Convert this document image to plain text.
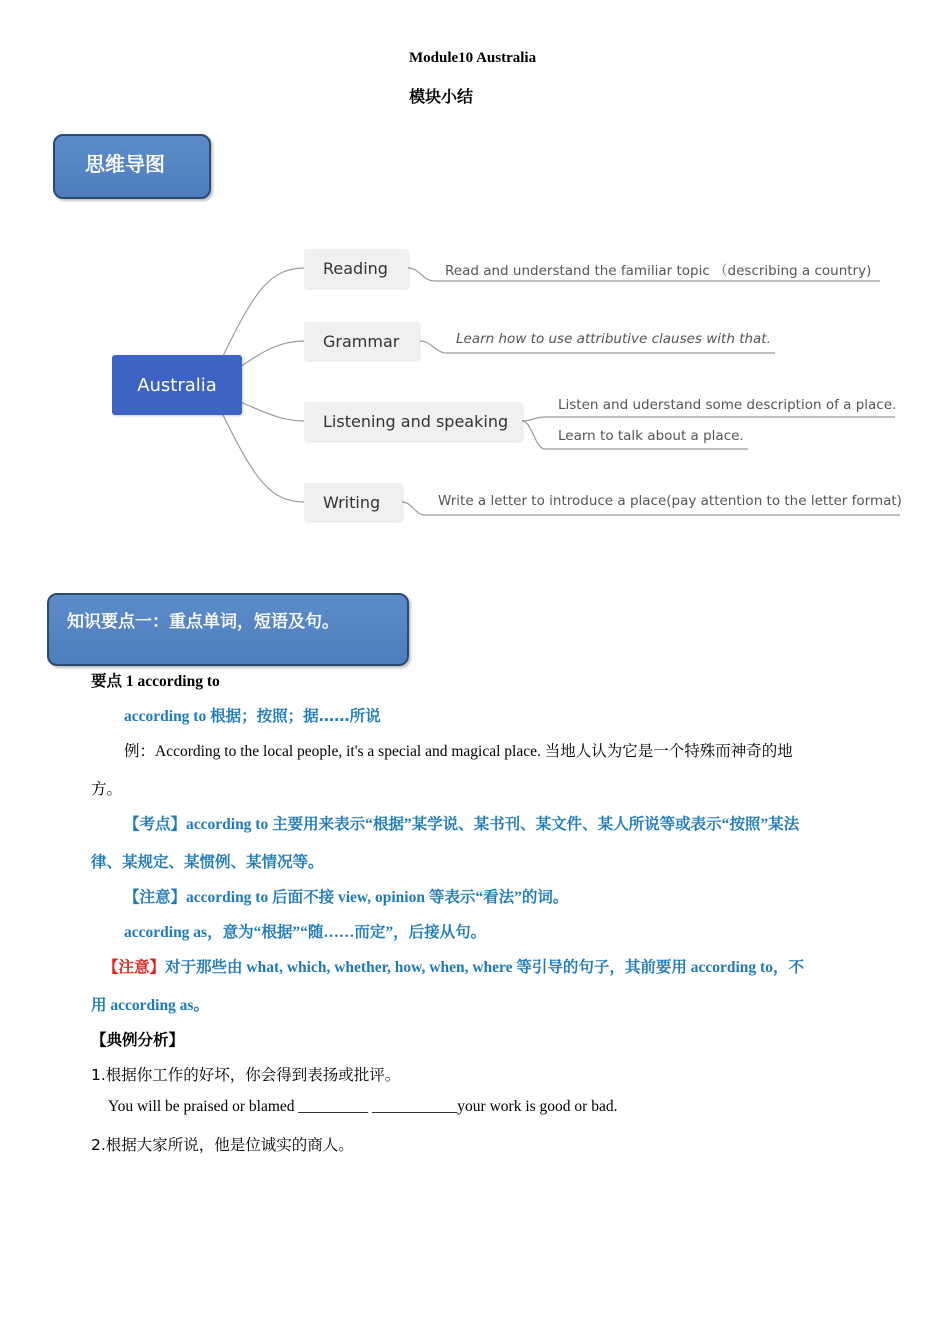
Module10 Australia
模块小结
思维导图
Australia
Reading
Grammar
Listening and speaking
Writing
Read and understand the familiar topic （describing a country)
Learn how to use attributive clauses with that.
Listen and uderstand some description of a place.
Learn to talk about a place.
Write a letter to introduce a place(pay attention to the letter format)
知识要点一：重点单词，短语及句。
要点 1 according to
according to 根据；按照；据……所说
例：According to the local people, it's a special and magical place. 当地人认为它是一个特殊而神奇的地
方。
【考点】according to 主要用来表示“根据”某学说、某书刊、某文件、某人所说等或表示“按照”某法
律、某规定、某惯例、某情况等。
【注意】according to 后面不接 view, opinion 等表示“看法”的词。
according as，意为“根据”“随……而定”，后接从句。
【注意】对于那些由 what, which, whether, how, when, where 等引导的句子，其前要用 according to，不
用 according as。
【典例分析】
1.根据你工作的好坏，你会得到表扬或批评。
You will be praised or blamed _________ ___________your work is good or bad.
2.根据大家所说，他是位诚实的商人。
